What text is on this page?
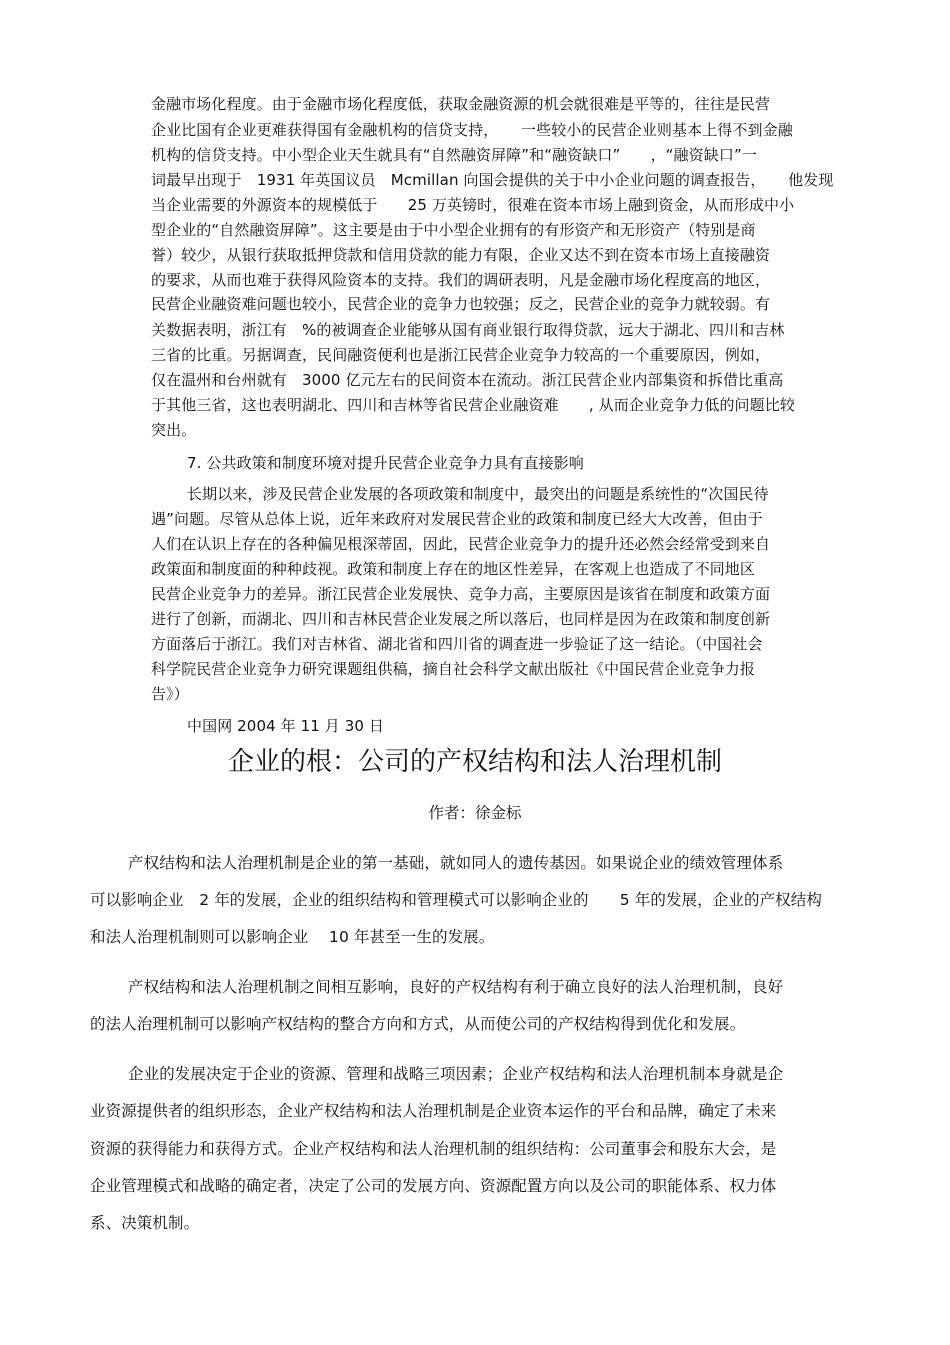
金融市场化程度。由于金融市场化程度低，获取金融资源的机会就很难是平等的，往往是民营

企业比国有企业更难获得国有金融机构的信贷支持，　　一些较小的民营企业则基本上得不到金融

机构的信贷支持。中小型企业天生就具有“自然融资屏障”和“融资缺口”　　，“融资缺口”一

词最早出现于　1931 年英国议员　Mcmillan 向国会提供的关于中小企业问题的调查报告，　　他发现

当企业需要的外源资本的规模低于　　25 万英镑时，很难在资本市场上融到资金，从而形成中小

型企业的“自然融资屏障”。这主要是由于中小型企业拥有的有形资产和无形资产（特别是商

誉）较少，从银行获取抵押贷款和信用贷款的能力有限，企业又达不到在资本市场上直接融资

的要求，从而也难于获得风险资本的支持。我们的调研表明，凡是金融市场化程度高的地区，

民营企业融资难问题也较小，民营企业的竞争力也较强；反之，民营企业的竞争力就较弱。有

关数据表明，浙江有　%的被调查企业能够从国有商业银行取得贷款，远大于湖北、四川和吉林

三省的比重。另据调查，民间融资便利也是浙江民营企业竞争力较高的一个重要原因，例如，

仅在温州和台州就有　3000 亿元左右的民间资本在流动。浙江民营企业内部集资和拆借比重高

于其他三省，这也表明湖北、四川和吉林等省民营企业融资难　　, 从而企业竞争力低的问题比较

突出。

7. 公共政策和制度环境对提升民营企业竞争力具有直接影响

长期以来，涉及民营企业发展的各项政策和制度中，最突出的问题是系统性的“次国民待

遇”问题。尽管从总体上说，近年来政府对发展民营企业的政策和制度已经大大改善，但由于

人们在认识上存在的各种偏见根深蒂固，因此，民营企业竞争力的提升还必然会经常受到来自

政策面和制度面的种种歧视。政策和制度上存在的地区性差异，在客观上也造成了不同地区

民营企业竞争力的差异。浙江民营企业发展快、竞争力高，主要原因是该省在制度和政策方面

进行了创新，而湖北、四川和吉林民营企业发展之所以落后，也同样是因为在政策和制度创新

方面落后于浙江。我们对吉林省、湖北省和四川省的调查进一步验证了这一结论。（中国社会

科学院民营企业竞争力研究课题组供稿，摘自社会科学文献出版社《中国民营企业竞争力报

告》）

中国网 2004 年 11 月 30 日

企业的根：公司的产权结构和法人治理机制

作者：徐金标

产权结构和法人治理机制是企业的第一基础，就如同人的遗传基因。如果说企业的绩效管理体系

可以影响企业　2 年的发展，企业的组织结构和管理模式可以影响企业的　　5 年的发展，企业的产权结构

和法人治理机制则可以影响企业　 10 年甚至一生的发展。

产权结构和法人治理机制之间相互影响，良好的产权结构有利于确立良好的法人治理机制，良好

的法人治理机制可以影响产权结构的整合方向和方式，从而使公司的产权结构得到优化和发展。

企业的发展决定于企业的资源、管理和战略三项因素；企业产权结构和法人治理机制本身就是企

业资源提供者的组织形态，企业产权结构和法人治理机制是企业资本运作的平台和品牌，确定了未来

资源的获得能力和获得方式。企业产权结构和法人治理机制的组织结构：公司董事会和股东大会，是

企业管理模式和战略的确定者，决定了公司的发展方向、资源配置方向以及公司的职能体系、权力体

系、决策机制。
